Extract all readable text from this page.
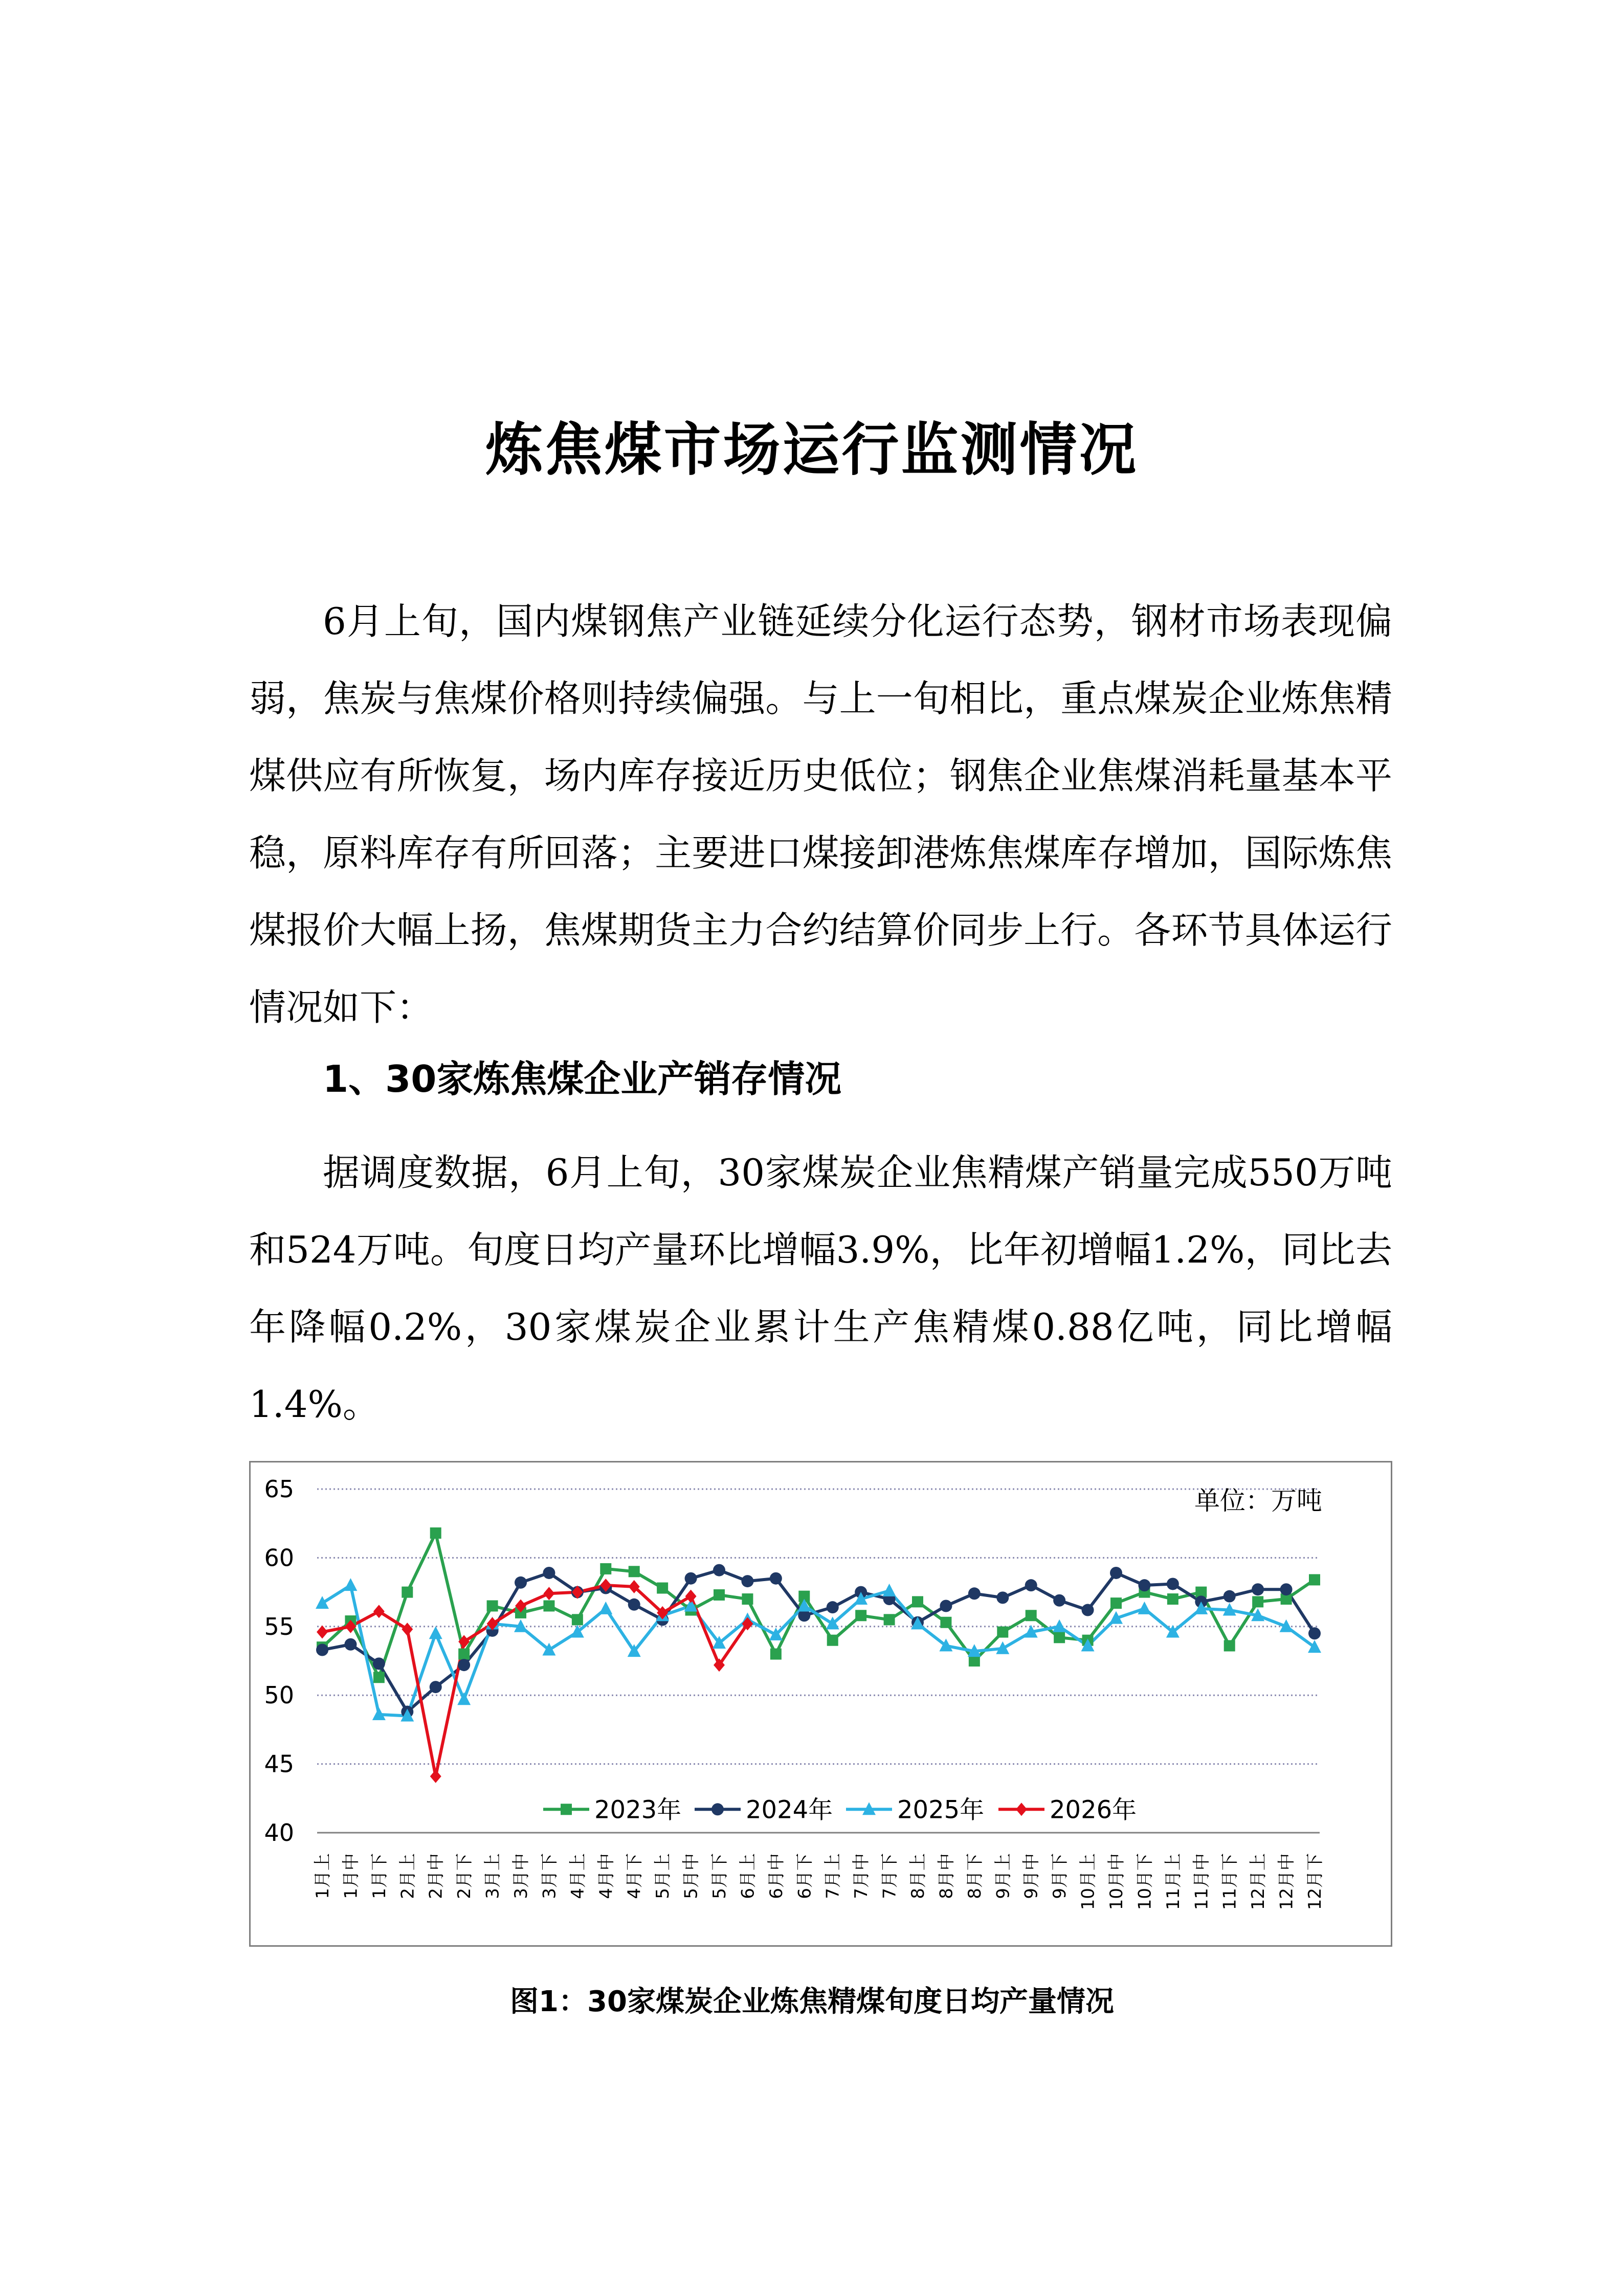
炼焦煤市场运行监测情况

6月上旬，国内煤钢焦产业链延续分化运行态势，钢材市场表现偏弱，焦炭与焦煤价格则持续偏强。与上一旬相比，重点煤炭企业炼焦精煤供应有所恢复，场内库存接近历史低位；钢焦企业焦煤消耗量基本平稳，原料库存有所回落；主要进口煤接卸港炼焦煤库存增加，国际炼焦煤报价大幅上扬，焦煤期货主力合约结算价同步上行。各环节具体运行情况如下：

1、30家炼焦煤企业产销存情况

据调度数据，6月上旬，30家煤炭企业焦精煤产销量完成550万吨和524万吨。旬度日均产量环比增幅3.9%，比年初增幅1.2%，同比去年降幅0.2%，30家煤炭企业累计生产焦精煤0.88亿吨，同比增幅1.4%。

40
45
50
55
60
65	单位：万吨
1月上 1月中 1月下 2月上 2月中 2月下 3月上 3月中 3月下 4月上 4月中 4月下 5月上 5月中 5月下 6月上 6月中 6月下 7月上 7月中 7月下 8月上 8月中 8月下 9月上 9月中 9月下 10月上 10月中 10月下 11月上 11月中 11月下 12月上 12月中 12月下
2023年	2024年	2025年	2026年
图1：30家煤炭企业炼焦精煤旬度日均产量情况
